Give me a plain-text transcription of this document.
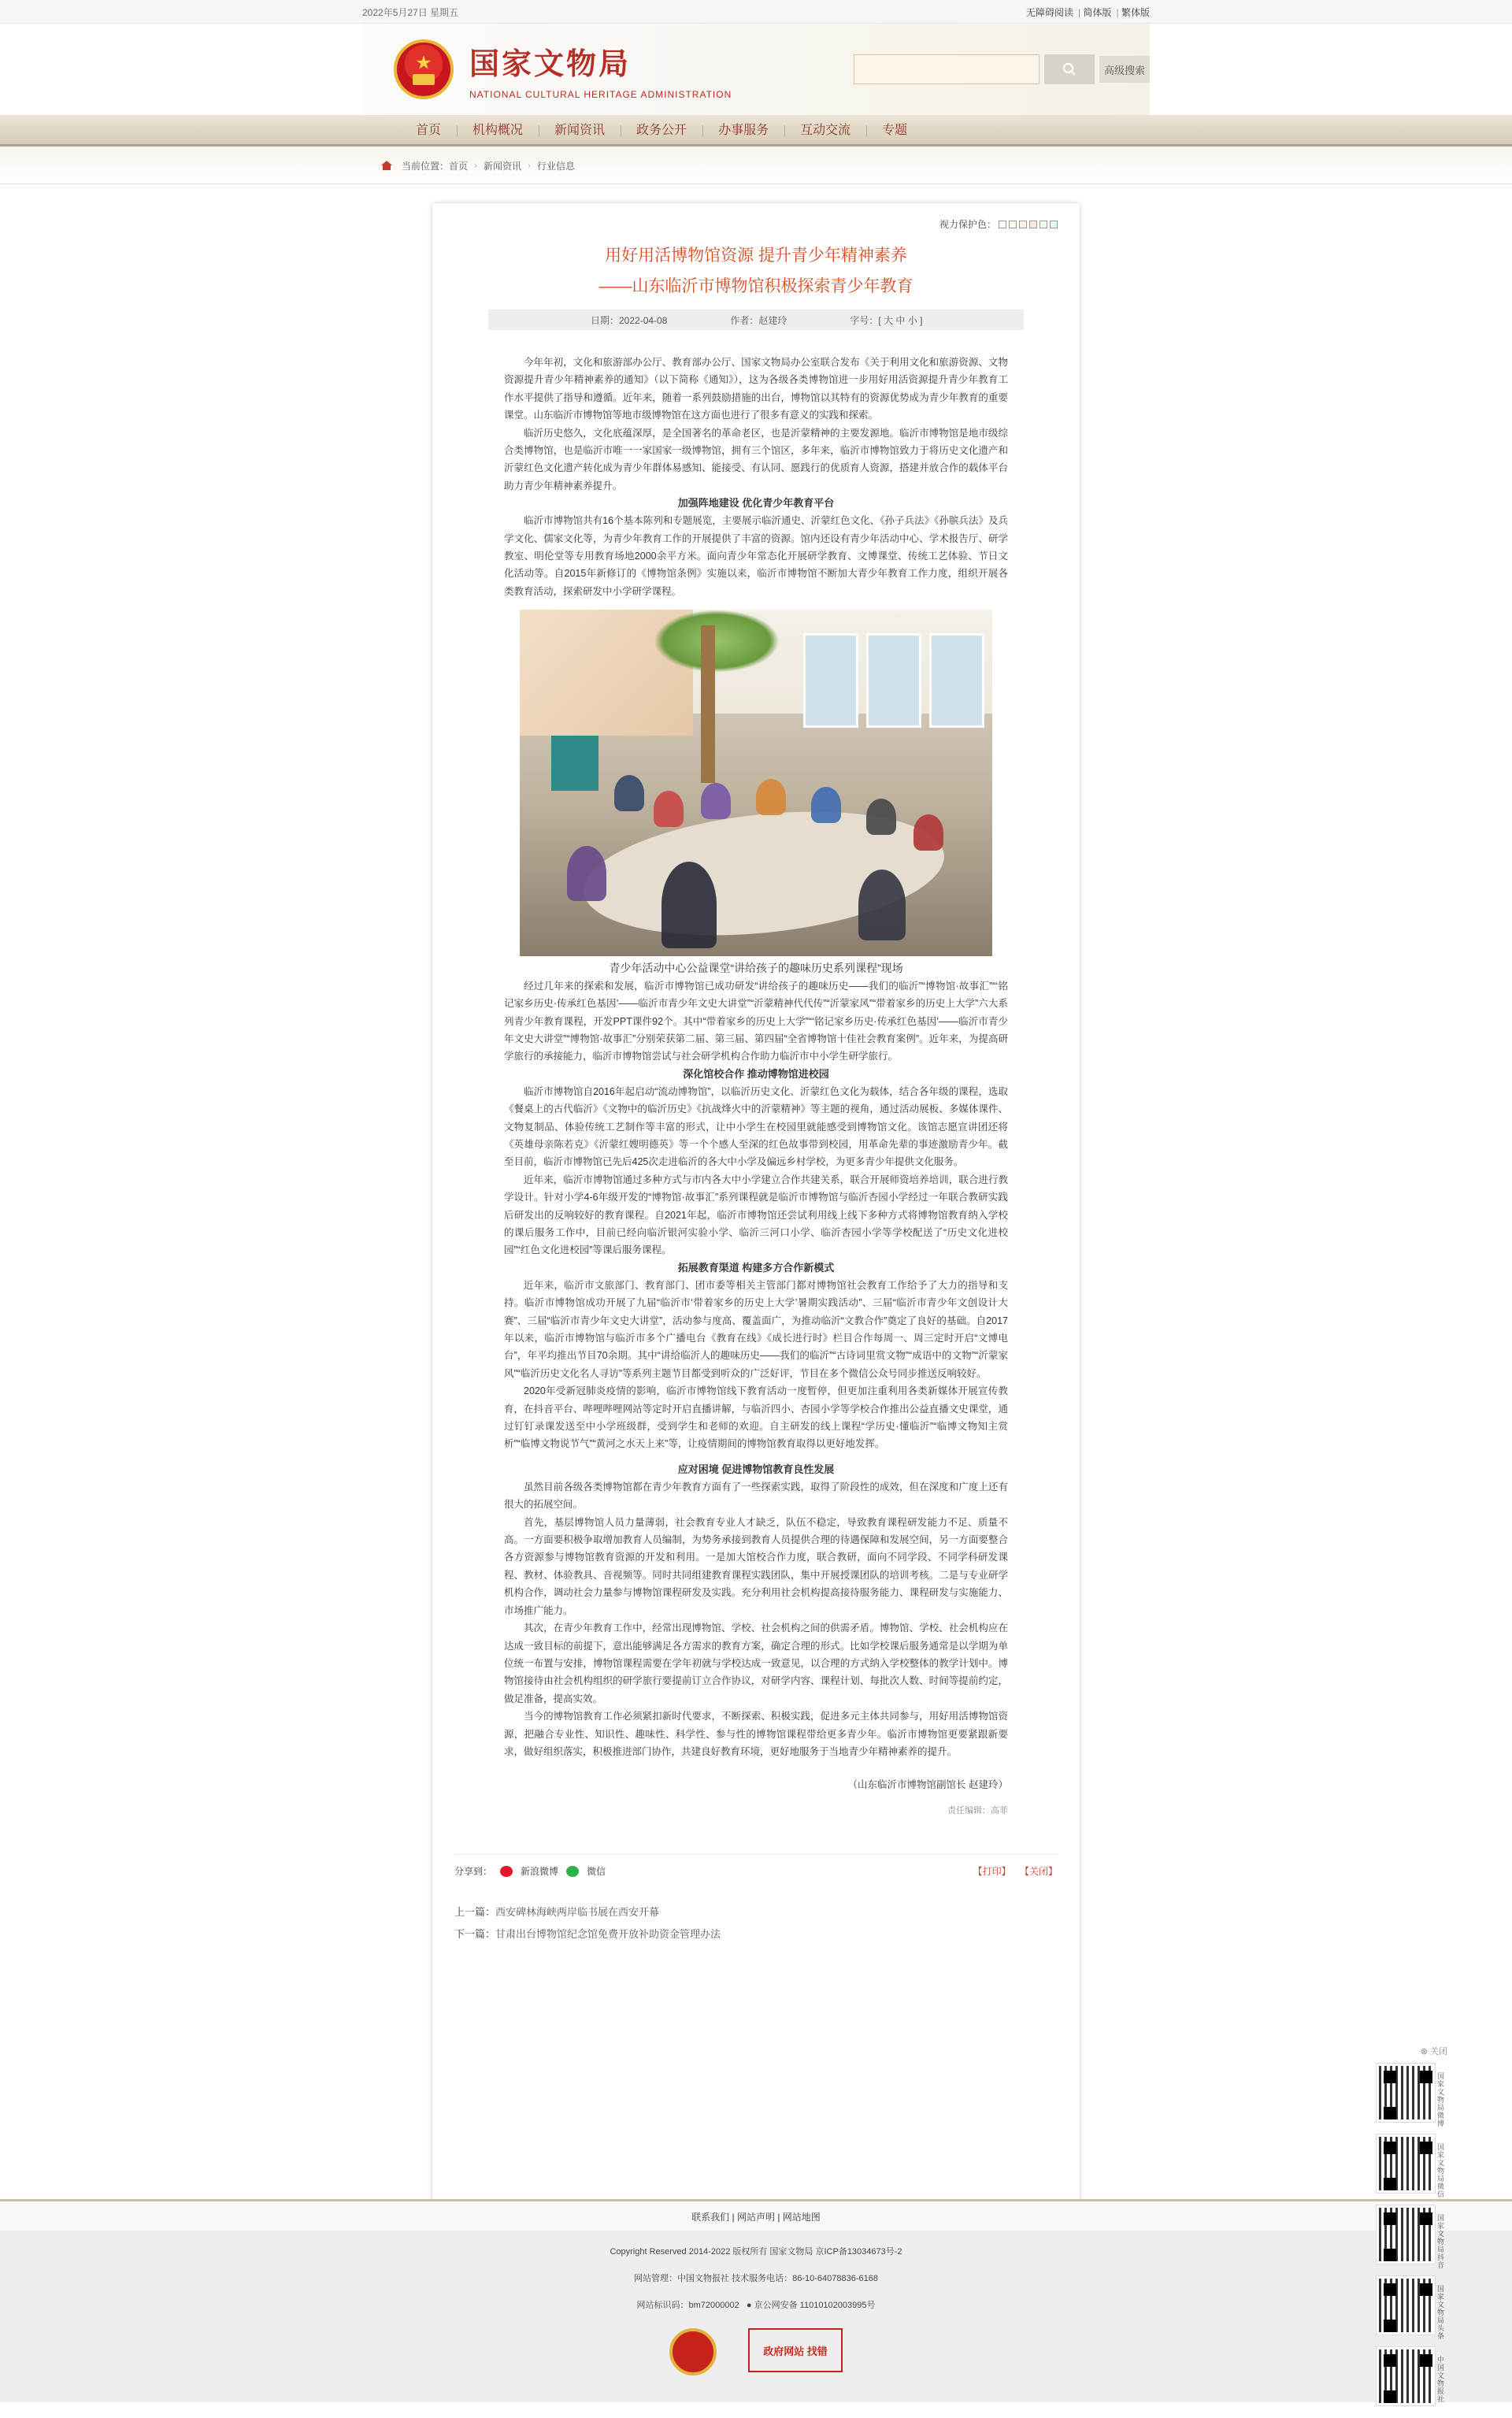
2022年5月27日 星期五	无障碍阅读 | 简体版 | 繁体版
★
国家文物局
NATIONAL CULTURAL HERITAGE ADMINISTRATION
高级搜索
首页	机构概况	新闻资讯	政务公开	办事服务	互动交流	专题
当前位置： 首页 › 新闻资讯 › 行业信息
视力保护色：
用好用活博物馆资源 提升青少年精神素养
——山东临沂市博物馆积极探索青少年教育
日期：2022-04-08	作者：赵建玲	字号：[ 大 中 小 ]

今年年初，文化和旅游部办公厅、教育部办公厅、国家文物局办公室联合发布《关于利用文化和旅游资源、文物资源提升青少年精神素养的通知》（以下简称《通知》），这为各级各类博物馆进一步用好用活资源提升青少年教育工作水平提供了指导和遵循。近年来，随着一系列鼓励措施的出台，博物馆以其特有的资源优势成为青少年教育的重要课堂。山东临沂市博物馆等地市级博物馆在这方面也进行了很多有意义的实践和探索。

临沂历史悠久，文化底蕴深厚，是全国著名的革命老区，也是沂蒙精神的主要发源地。临沂市博物馆是地市级综合类博物馆，也是临沂市唯一一家国家一级博物馆，拥有三个馆区，多年来，临沂市博物馆致力于将历史文化遗产和沂蒙红色文化遗产转化成为青少年群体易感知、能接受、有认同、愿践行的优质育人资源，搭建并放合作的载体平台助力青少年精神素养提升。

加强阵地建设 优化青少年教育平台

临沂市博物馆共有16个基本陈列和专题展览，主要展示临沂通史、沂蒙红色文化、《孙子兵法》《孙膑兵法》及兵学文化、儒家文化等，为青少年教育工作的开展提供了丰富的资源。馆内还设有青少年活动中心、学术报告厅、研学教室、明伦堂等专用教育场地2000余平方米。面向青少年常态化开展研学教育、文博课堂、传统工艺体验、节日文化活动等。自2015年新修订的《博物馆条例》实施以来，临沂市博物馆不断加大青少年教育工作力度，组织开展各类教育活动，探索研发中小学研学课程。

青少年活动中心公益课堂“讲给孩子的趣味历史系列课程”现场

经过几年来的探索和发展，临沂市博物馆已成功研发“讲给孩子的趣味历史——我们的临沂”“博物馆·故事汇”“‘铭记家乡历史·传承红色基因’——临沂市青少年文史大讲堂”“沂蒙精神代代传”“沂蒙家风”“带着家乡的历史上大学”六大系列青少年教育课程，开发PPT课件92个。其中“带着家乡的历史上大学”“‘铭记家乡历史·传承红色基因’——临沂市青少年文史大讲堂”“博物馆·故事汇”分别荣获第二届、第三届、第四届“全省博物馆十佳社会教育案例”。近年来，为提高研学旅行的承接能力，临沂市博物馆尝试与社会研学机构合作助力临沂市中小学生研学旅行。

深化馆校合作 推动博物馆进校园

临沂市博物馆自2016年起启动“流动博物馆”，以临沂历史文化、沂蒙红色文化为载体，结合各年级的课程，选取《餐桌上的古代临沂》《文物中的临沂历史》《抗战烽火中的沂蒙精神》等主题的视角，通过活动展板、多媒体课件、文物复制品、体验传统工艺制作等丰富的形式，让中小学生在校园里就能感受到博物馆文化。该馆志愿宣讲团还将《英雄母亲陈若克》《沂蒙红嫂明德英》等一个个感人至深的红色故事带到校园，用革命先辈的事迹激励青少年。截至目前，临沂市博物馆已先后425次走进临沂的各大中小学及偏远乡村学校，为更多青少年提供文化服务。

近年来，临沂市博物馆通过多种方式与市内各大中小学建立合作共建关系，联合开展师资培养培训，联合进行教学设计。针对小学4-6年级开发的“博物馆·故事汇”系列课程就是临沂市博物馆与临沂杏园小学经过一年联合教研实践后研发出的反响较好的教育课程。自2021年起，临沂市博物馆还尝试利用线上线下多种方式将博物馆教育纳入学校的课后服务工作中，目前已经向临沂银河实验小学、临沂三河口小学、临沂杏园小学等学校配送了“历史文化进校园”“红色文化进校园”等课后服务课程。

拓展教育渠道 构建多方合作新模式

近年来，临沂市文旅部门、教育部门、团市委等相关主管部门都对博物馆社会教育工作给予了大力的指导和支持。临沂市博物馆成功开展了九届“临沂市‘带着家乡的历史上大学’暑期实践活动”、三届“临沂市青少年文创设计大赛”、三届“临沂市青少年文史大讲堂”，活动参与度高、覆盖面广，为推动临沂“文教合作”奠定了良好的基础。自2017年以来，临沂市博物馆与临沂市多个广播电台《教育在线》《成长进行时》栏目合作每周一、周三定时开启“文博电台”，年平均推出节目70余期。其中“讲给临沂人的趣味历史——我们的临沂”“古诗词里赏文物”“成语中的文物”“沂蒙家风”“临沂历史文化名人寻访”等系列主题节目都受到听众的广泛好评，节目在多个微信公众号同步推送反响较好。

2020年受新冠肺炎疫情的影响，临沂市博物馆线下教育活动一度暂停，但更加注重利用各类新媒体开展宣传教育，在抖音平台、哔哩哔哩网站等定时开启直播讲解，与临沂四小、杏园小学等学校合作推出公益直播文史课堂，通过钉钉录课发送至中小学班级群，受到学生和老师的欢迎。自主研发的线上课程“学历史·懂临沂”“临博文物知主赏析”“临博文物说节气”“黄河之水天上来”等，让疫情期间的博物馆教育取得以更好地发挥。

应对困境 促进博物馆教育良性发展

虽然目前各级各类博物馆都在青少年教育方面有了一些探索实践，取得了阶段性的成效，但在深度和广度上还有很大的拓展空间。

首先，基层博物馆人员力量薄弱，社会教育专业人才缺乏，队伍不稳定，导致教育课程研发能力不足、质量不高。一方面要积极争取增加教育人员编制，为势务承接到教育人员提供合理的待遇保障和发展空间，另一方面要整合各方资源参与博物馆教育资源的开发和利用。一是加大馆校合作力度，联合教研，面向不同学段、不同学科研发课程、教材、体验教具、音视频等。同时共同组建教育课程实践团队，集中开展授课团队的培训考核。二是与专业研学机构合作，调动社会力量参与博物馆课程研发及实践。充分利用社会机构提高接待服务能力、课程研发与实施能力、市场推广能力。

其次，在青少年教育工作中，经常出现博物馆、学校、社会机构之间的供需矛盾。博物馆、学校、社会机构应在达成一致目标的前提下，意出能够满足各方需求的教育方案，确定合理的形式。比如学校课后服务通常是以学期为单位统一布置与安排，博物馆课程需要在学年初就与学校达成一致意见，以合理的方式纳入学校整体的教学计划中。博物馆接待由社会机构组织的研学旅行要提前订立合作协议，对研学内容、课程计划、每批次人数、时间等提前约定，做足准备，提高实效。

当今的博物馆教育工作必须紧扣新时代要求，不断探索、积极实践，促进多元主体共同参与，用好用活博物馆资源，把融合专业性、知识性、趣味性、科学性、参与性的博物馆课程带给更多青少年。临沂市博物馆更要紧跟新要求，做好组织落实，积极推进部门协作，共建良好教育环境，更好地服务于当地青少年精神素养的提升。

（山东临沂市博物馆副馆长 赵建玲）

责任编辑：高菲

分享到：	新浪微博	微信	【打印】 【关闭】
上一篇：西安碑林海峡两岸临书展在西安开幕
下一篇：甘肃出台博物馆纪念馆免费开放补助资金管理办法
联系我们 | 网站声明 | 网站地图

Copyright Reserved 2014-2022 版权所有 国家文物局 京ICP备13034673号-2

网站管理：中国文物报社 技术服务电话：86-10-64078836-6168

网站标识码：bm72000002 ● 京公网安备 11010102003995号

政府网站 找错
⊗ 关闭
国家文物局微博
国家文物局微信
国家文物局抖音
国家文物局头条
中国文物报社
